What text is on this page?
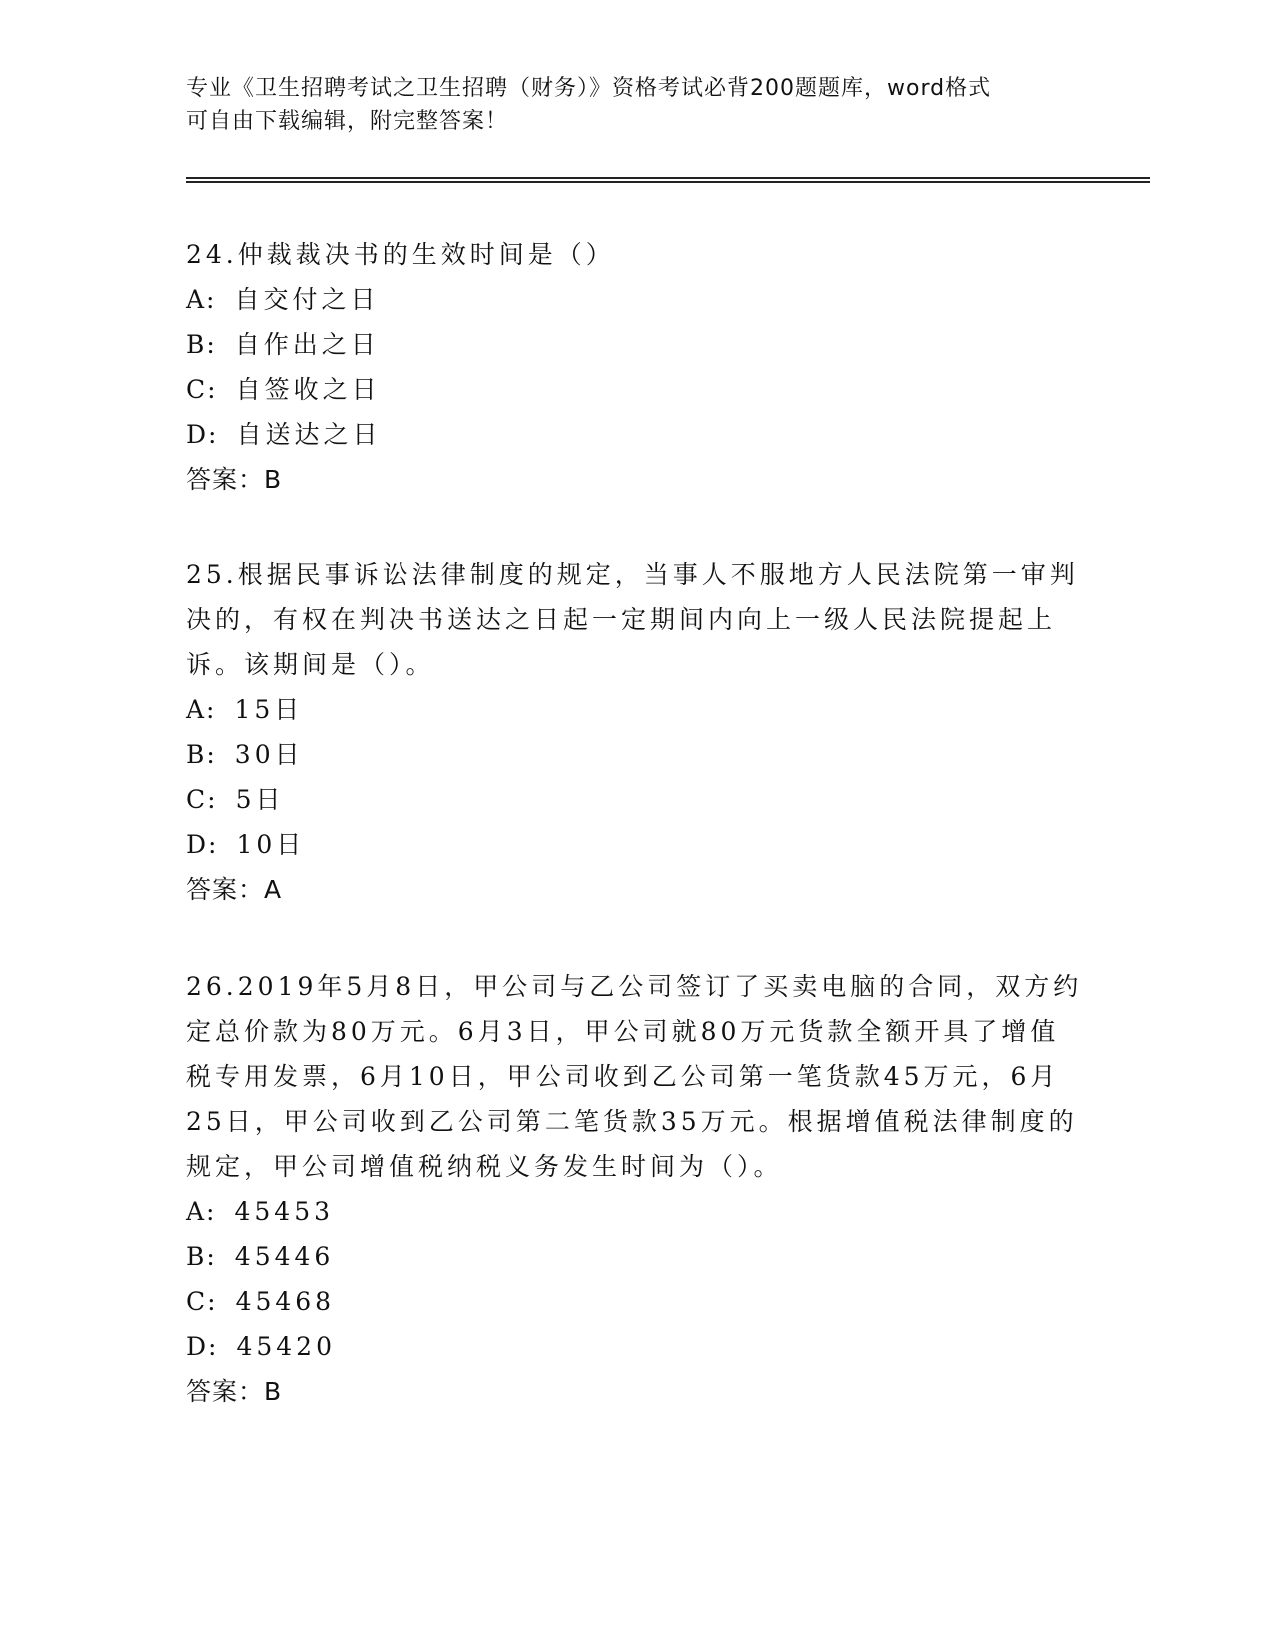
专业《卫生招聘考试之卫生招聘（财务）》资格考试必背200题题库，word格式
可自由下载编辑，附完整答案！

24.仲裁裁决书的生效时间是（）

A: 自交付之日

B: 自作出之日

C: 自签收之日

D: 自送达之日

答案：B

25.根据民事诉讼法律制度的规定，当事人不服地方人民法院第一审判决的，有权在判决书送达之日起一定期间内向上一级人民法院提起上诉。该期间是（）。

A: 15日

B: 30日

C: 5日

D: 10日

答案：A

26.2019年5月8日，甲公司与乙公司签订了买卖电脑的合同，双方约定总价款为80万元。6月3日，甲公司就80万元货款全额开具了增值税专用发票，6月10日，甲公司收到乙公司第一笔货款45万元，6月25日，甲公司收到乙公司第二笔货款35万元。根据增值税法律制度的规定，甲公司增值税纳税义务发生时间为（）。

A: 45453

B: 45446

C: 45468

D: 45420

答案：B
